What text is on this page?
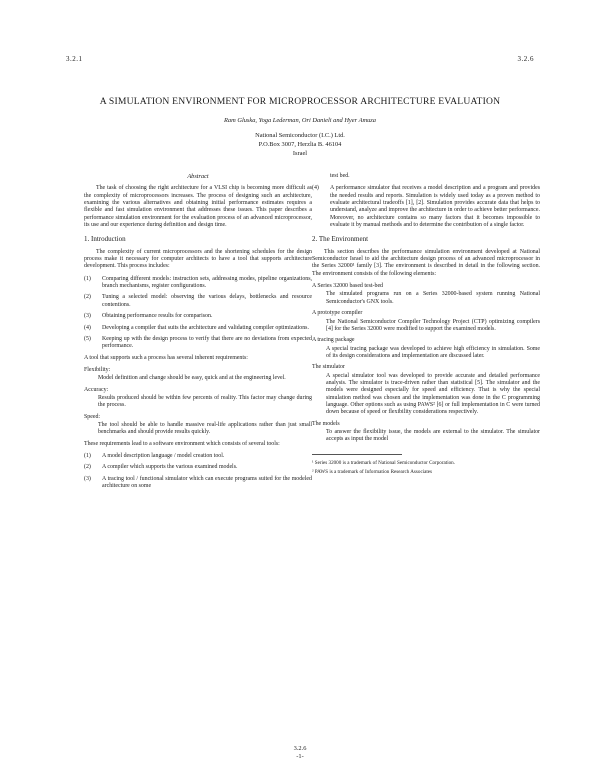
3.2.1	3.2.6
A SIMULATION ENVIRONMENT FOR MICROPROCESSOR ARCHITECTURE EVALUATION
Ram Gluska, Yoga Lederman, Ori Danieli and Hyer Amuza
National Semiconductor (I.C.) Ltd.
P.O.Box 3007, Herzlia B. 46104
Israel
Abstract

The task of choosing the right architecture for a VLSI chip is becoming more difficult as the complexity of microprocessors increases. The process of designing such an architecture, examining the various alternatives and obtaining initial performance estimates requires a flexible and fast simulation environment that addresses these issues. This paper describes a performance simulation environment for the evaluation process of an advanced microprocessor, its use and our experience during definition and design time.

1. Introduction

The complexity of current microprocessors and the shortening schedules for the design process make it necessary for computer architects to have a tool that supports architecture development. This process includes:

(1)	Comparing different models: instruction sets, addressing modes, pipeline organizations, branch mechanisms, register configurations.
(2)	Tuning a selected model: observing the various delays, bottlenecks and resource contentions.
(3)	Obtaining performance results for comparison.
(4)	Developing a compiler that suits the architecture and validating compiler optimizations.
(5)	Keeping up with the design process to verify that there are no deviations from expected performance.

A tool that supports such a process has several inherent requirements:

Flexibility:
Model definition and change should be easy, quick and at the engineering level.
Accuracy:
Results produced should be within few percents of reality. This factor may change during the process.
Speed:
The tool should be able to handle massive real-life applications rather than just small benchmarks and should provide results quickly.

These requirements lead to a software environment which consists of several tools:

(1)	A model description language / model creation tool.
(2)	A compiler which supports the various examined models.
(3)	A tracing tool / functional simulator which can execute programs suited for the modeled architecture on some

test bed.

(4)	A performance simulator that receives a model description and a program and provides the needed results and reports. Simulation is widely used today as a proven method to evaluate architectural tradeoffs [1], [2]. Simulation provides accurate data that helps to understand, analyze and improve the architecture in order to achieve better performance. Moreover, no architecture contains so many factors that it becomes impossible to evaluate it by manual methods and to determine the contribution of a single factor.
2. The Environment

This section describes the performance simulation environment developed at National Semiconductor Israel to aid the architecture design process of an advanced microprocessor in the Series 32000¹ family [3]. The environment is described in detail in the following section. The environment consists of the following elements:

A Series 32000 based test-bed
The simulated programs run on a Series 32000-based system running National Semiconductor's GNX tools.
A prototype compiler
The National Semiconductor Compiler Technology Project (CTP) optimizing compilers [4] for the Series 32000 were modified to support the examined models.
A tracing package
A special tracing package was developed to achieve high efficiency in simulation. Some of its design considerations and implementation are discussed later.
The simulator
A special simulator tool was developed to provide accurate and detailed performance analysis. The simulator is trace-driven rather than statistical [5]. The simulator and the models were designed especially for speed and efficiency. That is why the special simulation method was chosen and the implementation was done in the C programming language. Other options such as using PAWS² [6] or full implementation in C were turned down because of speed or flexibility considerations respectively.
The models
To answer the flexibility issue, the models are external to the simulator. The simulator accepts as input the model
¹ Series 32000 is a trademark of National Semiconductor Corporation.
² PAWS is a trademark of Information Research Associates
3.2.6
-1-
